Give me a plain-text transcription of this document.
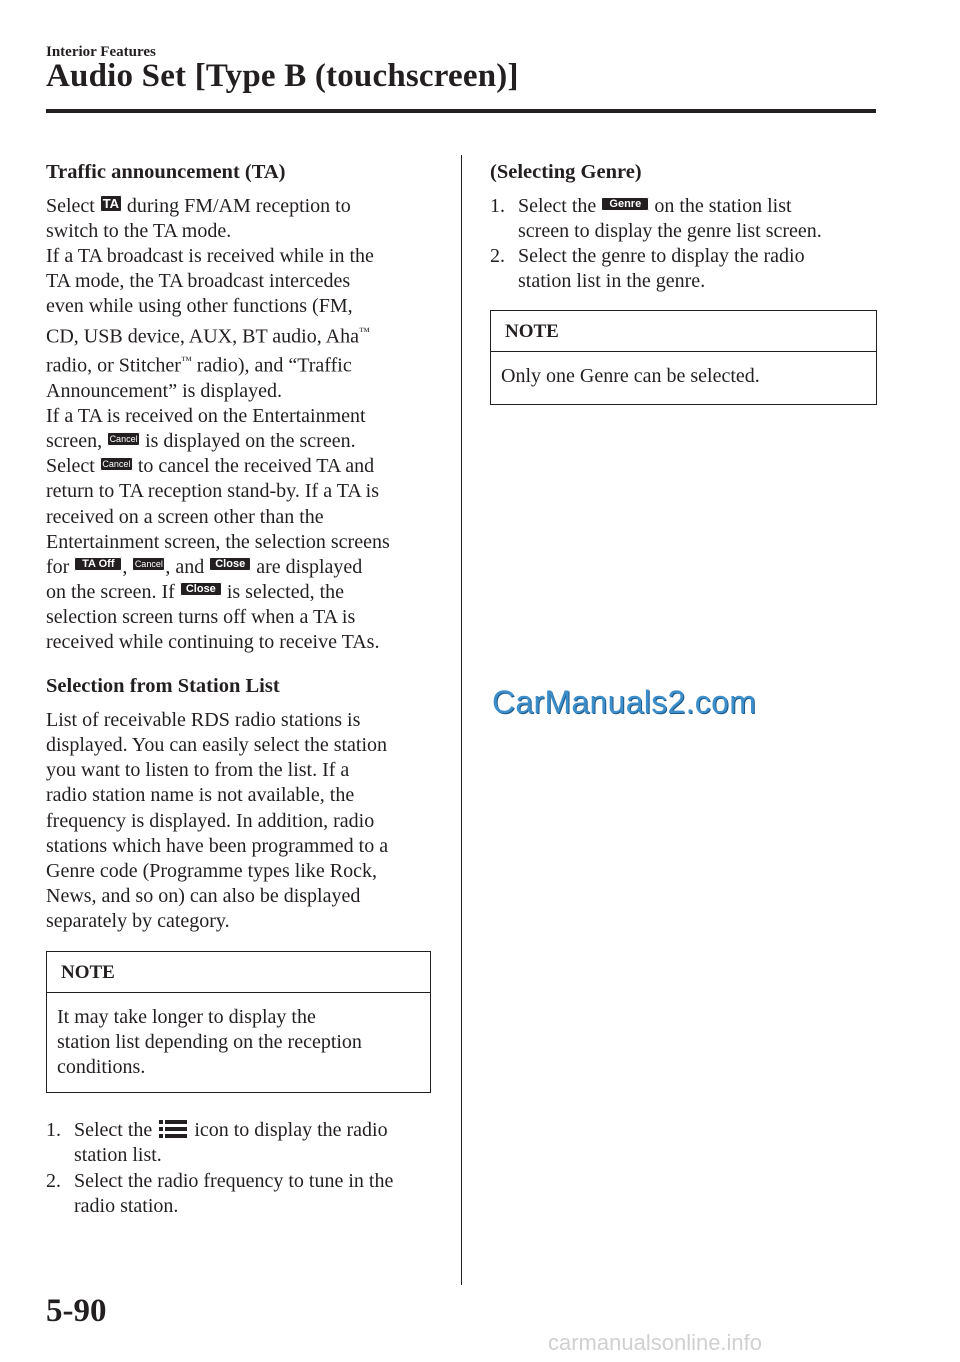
Interior Features
Audio Set [Type B (touchscreen)]
Traffic announcement (TA)
Select TA during FM/AM reception to
switch to the TA mode.
If a TA broadcast is received while in the
TA mode, the TA broadcast intercedes
even while using other functions (FM,
CD, USB device, AUX, BT audio, Aha™
radio, or Stitcher™ radio), and “Traffic
Announcement” is displayed.
If a TA is received on the Entertainment
screen, Cancel is displayed on the screen.
Select Cancel to cancel the received TA and
return to TA reception stand-by. If a TA is
received on a screen other than the
Entertainment screen, the selection screens
for TA Off , Cancel , and Close are displayed
on the screen. If Close is selected, the
selection screen turns off when a TA is
received while continuing to receive TAs.
Selection from Station List
List of receivable RDS radio stations is
displayed. You can easily select the station
you want to listen to from the list. If a
radio station name is not available, the
frequency is displayed. In addition, radio
stations which have been programmed to a
Genre code (Programme types like Rock,
News, and so on) can also be displayed
separately by category.
NOTE
It may take longer to display the
station list depending on the reception
conditions.
1. Select the icon to display the radio
station list.
2. Select the radio frequency to tune in the
radio station.
(Selecting Genre)
1. Select the Genre on the station list
screen to display the genre list screen.
2. Select the genre to display the radio
station list in the genre.
NOTE
Only one Genre can be selected.
CarManuals2.com
5-90
carmanualsonline.info
